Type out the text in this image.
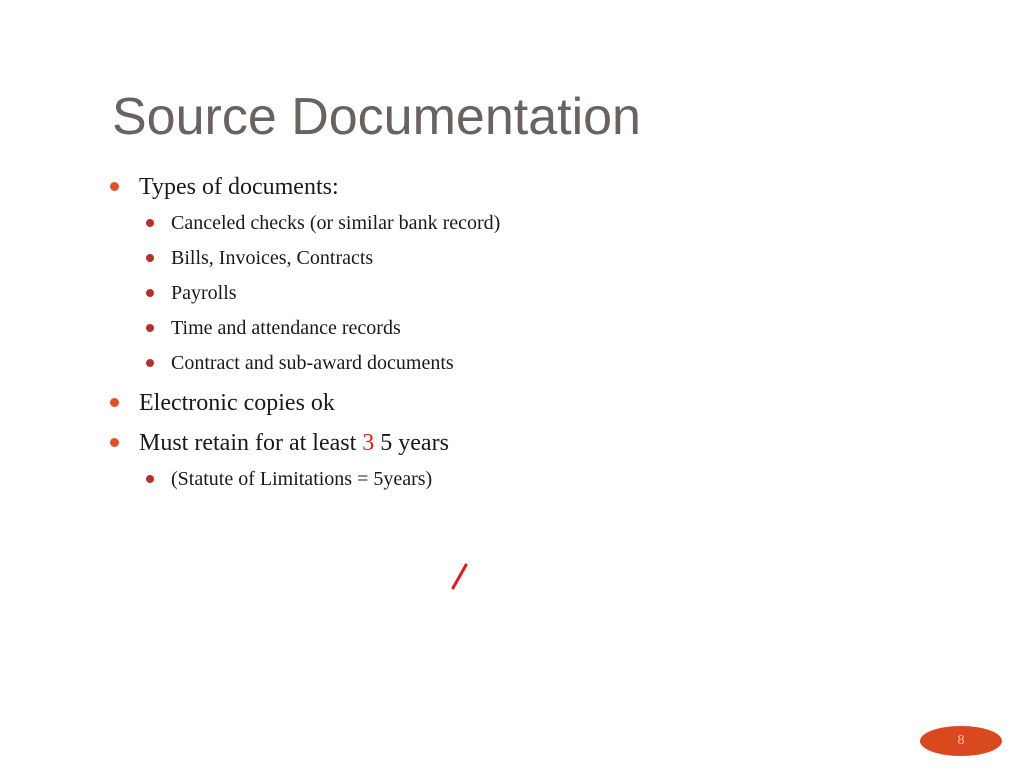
Source Documentation
Types of documents:
Canceled checks (or similar bank record)
Bills, Invoices, Contracts
Payrolls
Time and attendance records
Contract and sub-award documents
Electronic copies ok
Must retain for at least 3 5 years
(Statute of Limitations = 5years)
8
